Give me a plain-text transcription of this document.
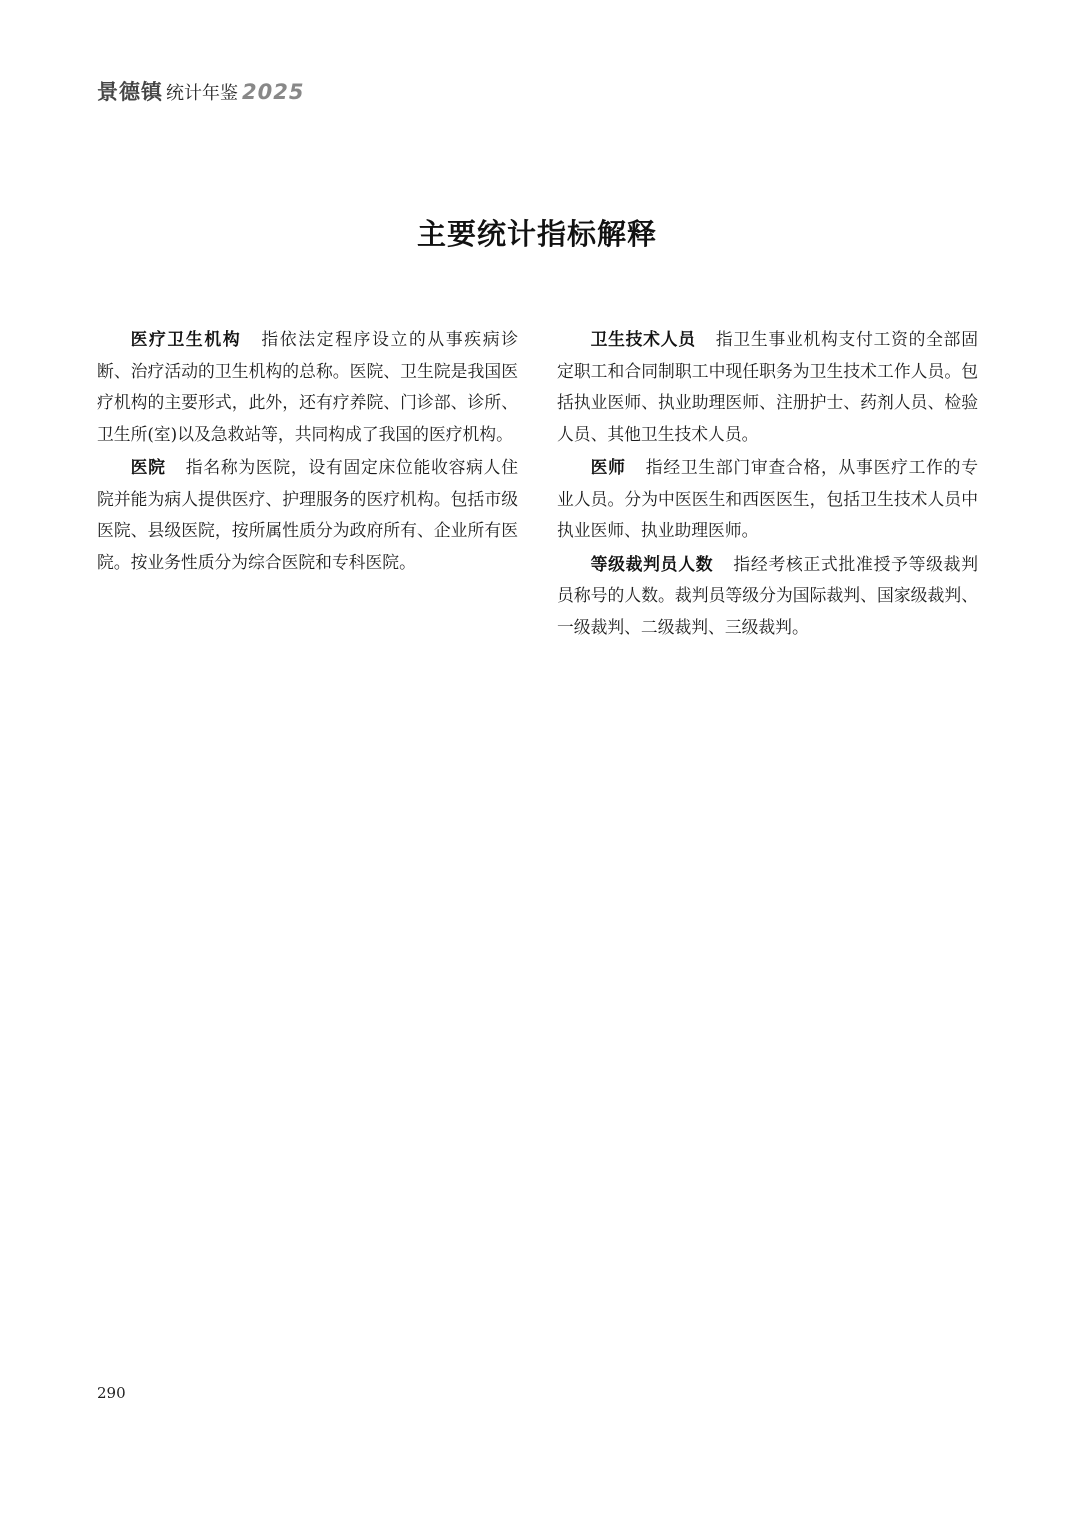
景德镇 统计年鉴 2025
主要统计指标解释

医疗卫生机构 指依法定程序设立的从事疾病诊断、治疗活动的卫生机构的总称。医院、卫生院是我国医疗机构的主要形式，此外，还有疗养院、门诊部、诊所、卫生所(室)以及急救站等，共同构成了我国的医疗机构。

医院 指名称为医院，设有固定床位能收容病人住院并能为病人提供医疗、护理服务的医疗机构。包括市级医院、县级医院，按所属性质分为政府所有、企业所有医院。按业务性质分为综合医院和专科医院。

卫生技术人员 指卫生事业机构支付工资的全部固定职工和合同制职工中现任职务为卫生技术工作人员。包括执业医师、执业助理医师、注册护士、药剂人员、检验人员、其他卫生技术人员。

医师 指经卫生部门审查合格，从事医疗工作的专业人员。分为中医医生和西医医生，包括卫生技术人员中执业医师、执业助理医师。

等级裁判员人数 指经考核正式批准授予等级裁判员称号的人数。裁判员等级分为国际裁判、国家级裁判、一级裁判、二级裁判、三级裁判。

290
